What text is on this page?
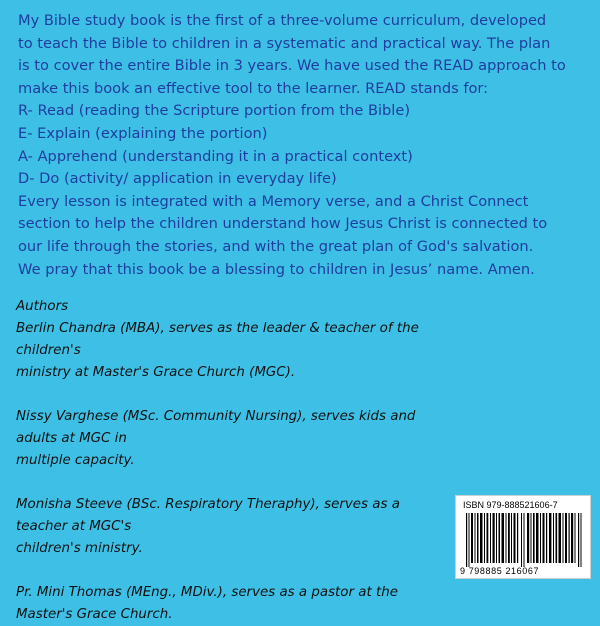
My Bible study book is the first of a three-volume curriculum, developed

to teach the Bible to children in a systematic and practical way. The plan

is to cover the entire Bible in 3 years. We have used the READ approach to

make this book an effective tool to the learner. READ stands for:

R- Read (reading the Scripture portion from the Bible)

E- Explain (explaining the portion)

A- Apprehend (understanding it in a practical context)

D- Do (activity/ application in everyday life)

Every lesson is integrated with a Memory verse, and a Christ Connect

section to help the children understand how Jesus Christ is connected to

our life through the stories, and with the great plan of God's salvation.

We pray that this book be a blessing to children in Jesus’ name. Amen.

Authors

Berlin Chandra (MBA), serves as the leader & teacher of the children's

ministry at Master's Grace Church (MGC).

Nissy Varghese (MSc. Community Nursing), serves kids and adults at MGC in

multiple capacity.

Monisha Steeve (BSc. Respiratory Theraphy), serves as a teacher at MGC's

children's ministry.

Pr. Mini Thomas (MEng., MDiv.), serves as a pastor at the

Master's Grace Church.

ISBN 979-888521606-7
9 798885 216067
